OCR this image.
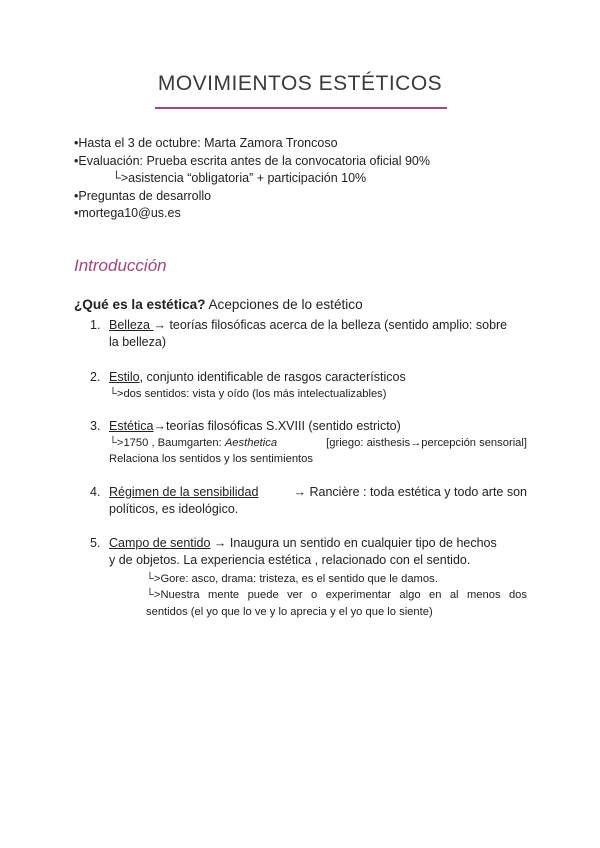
MOVIMIENTOS ESTÉTICOS
•Hasta el 3 de octubre: Marta Zamora Troncoso
•Evaluación: Prueba escrita antes de la convocatoria oficial 90%
└>asistencia “obligatoria” + participación 10%
•Preguntas de desarrollo
•mortega10@us.es
Introducción
¿Qué es la estética? Acepciones de lo estético
1. Belleza → teorías filosóficas acerca de la belleza (sentido amplio: sobre
la belleza)
2. Estilo, conjunto identificable de rasgos característicos
└>dos sentidos: vista y oído (los más intelectualizables)
3. Estética→teorías filosóficas S.XVIII (sentido estricto)
└>1750 , Baumgarten: Aesthetica	[griego: aisthesis→percepción sensorial]
Relaciona los sentidos y los sentimientos
4. Régimen de la sensibilidad	→ Rancière : toda estética y todo arte son
políticos, es ideológico.
5. Campo de sentido → Inaugura un sentido en cualquier tipo de hechos
y de objetos. La experiencia estética , relacionado con el sentido.
└>Gore: asco, drama: tristeza, es el sentido que le damos.
└>Nuestra mente puede ver o experimentar algo en al menos dos
sentidos (el yo que lo ve y lo aprecia y el yo que lo siente)
